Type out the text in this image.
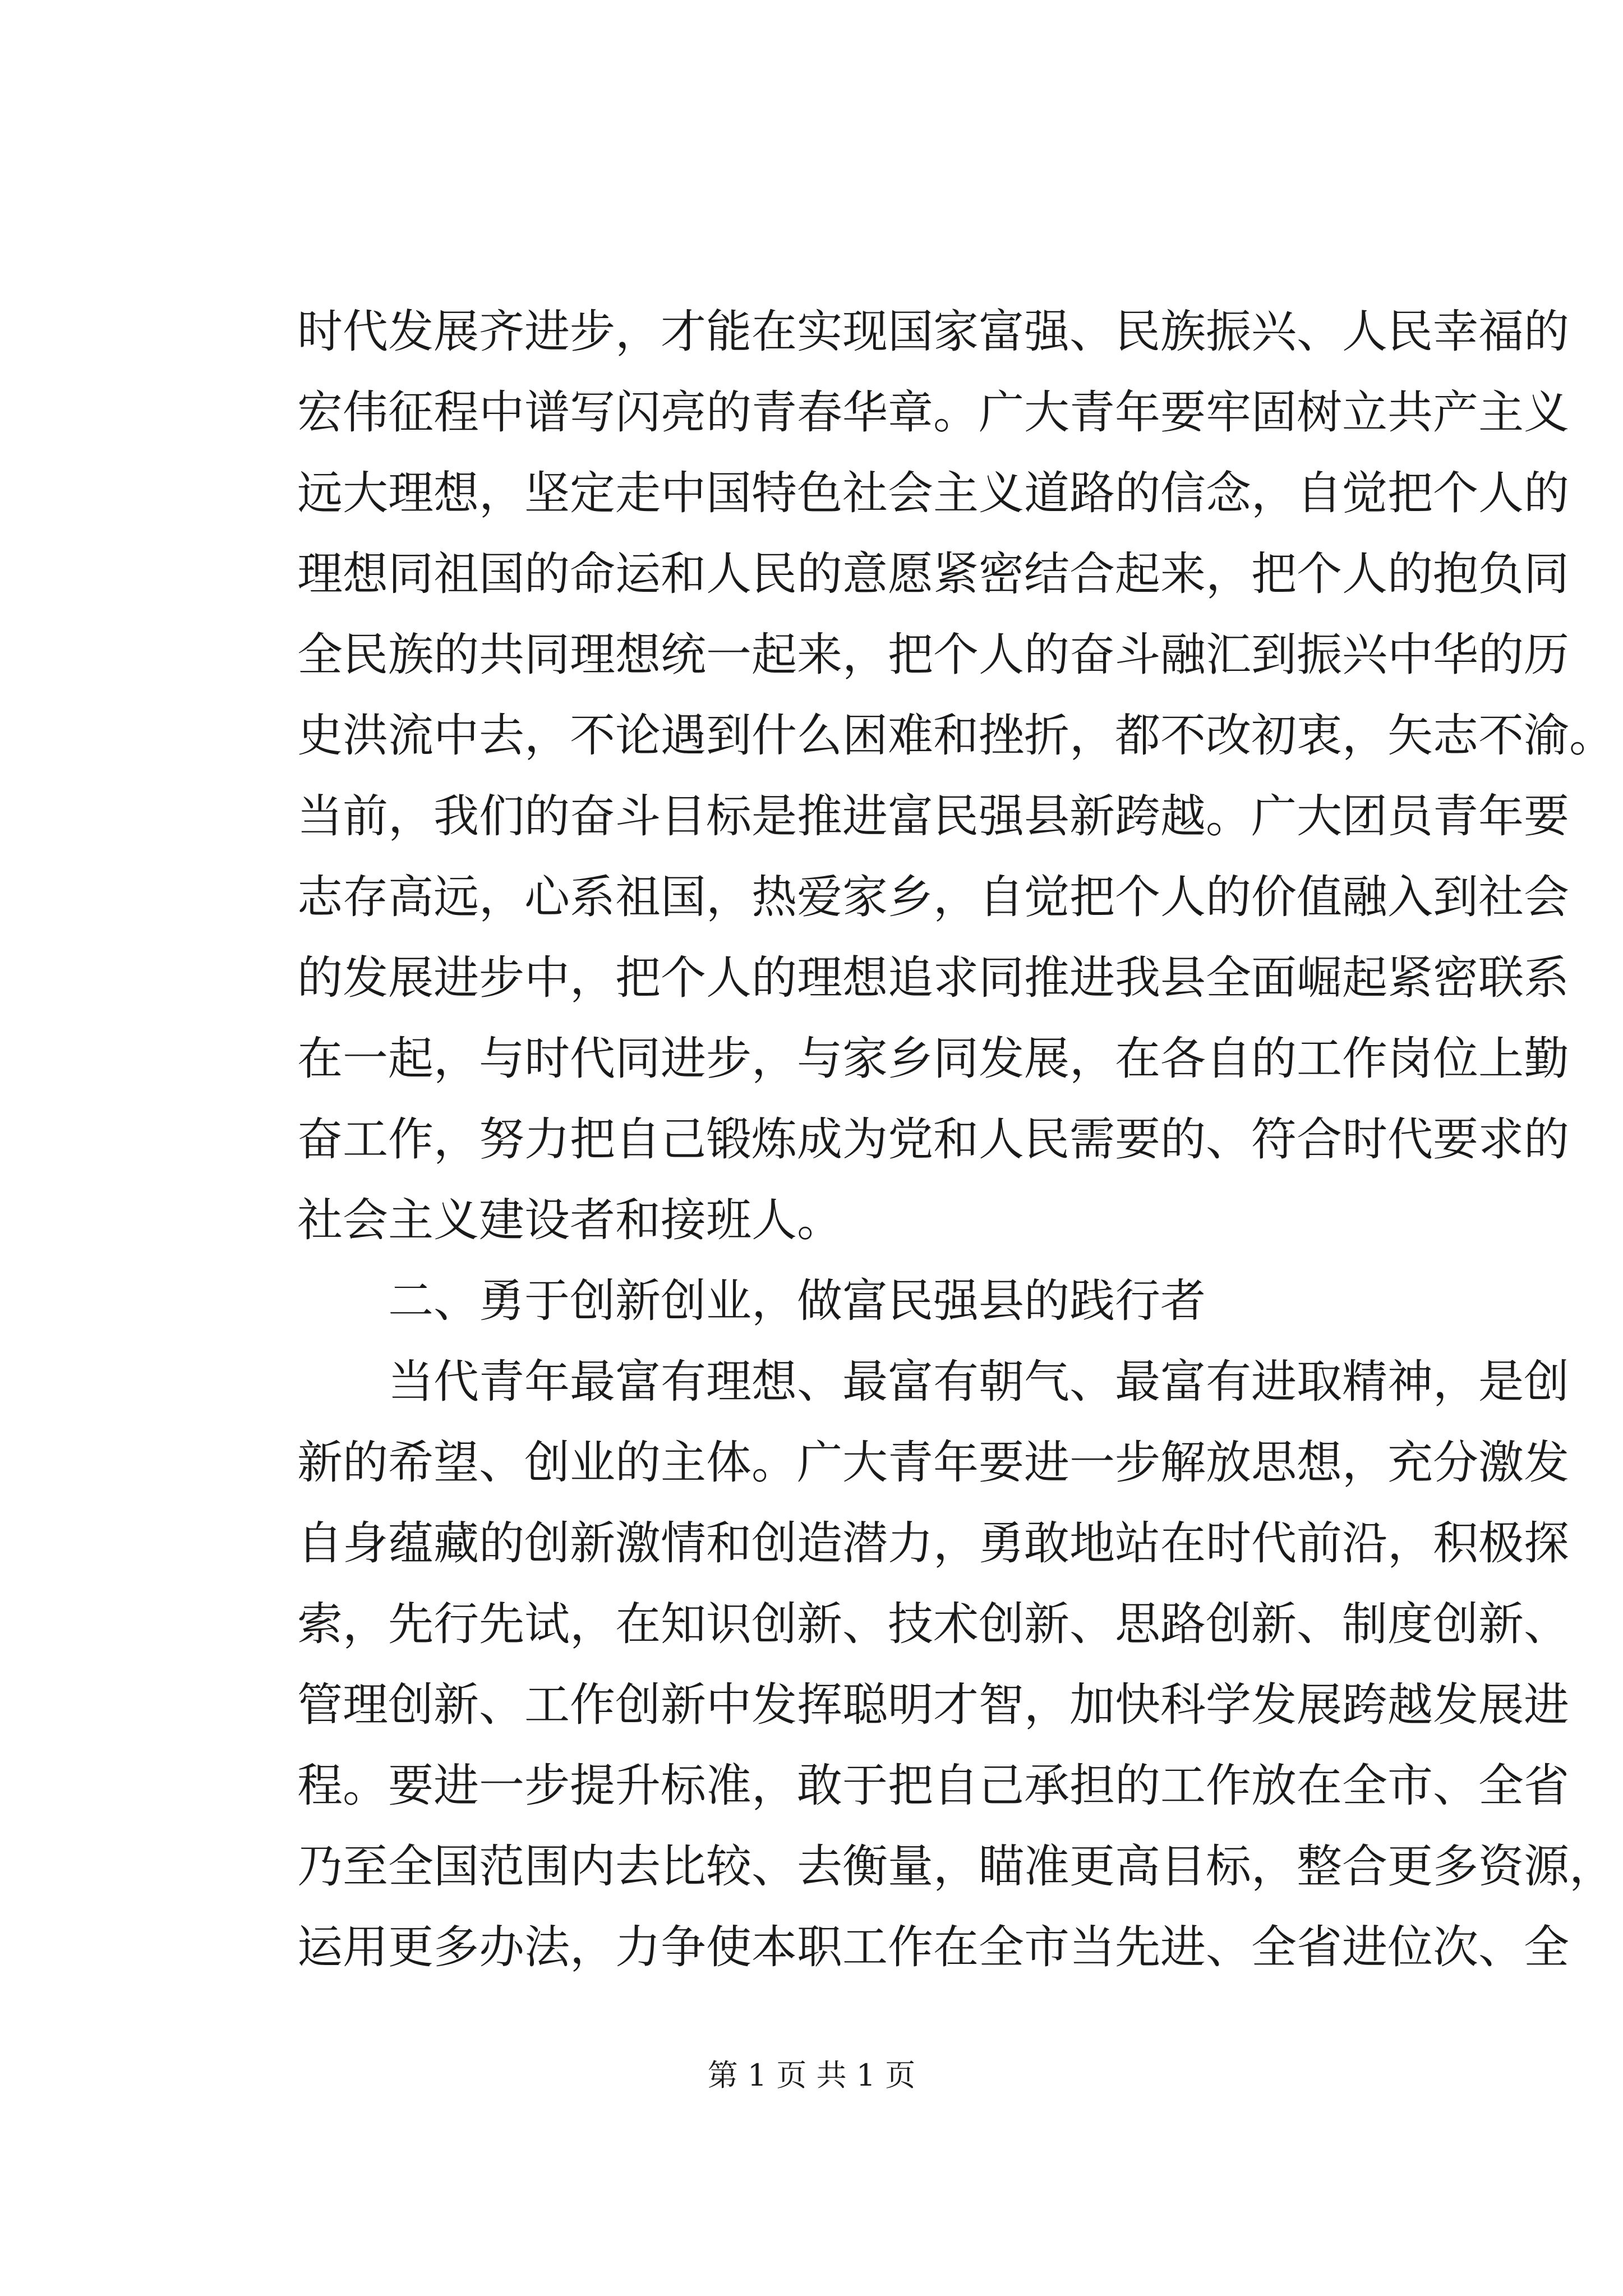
时代发展齐进步，才能在实现国家富强、民族振兴、人民幸福的
宏伟征程中谱写闪亮的青春华章。广大青年要牢固树立共产主义
远大理想，坚定走中国特色社会主义道路的信念，自觉把个人的
理想同祖国的命运和人民的意愿紧密结合起来，把个人的抱负同
全民族的共同理想统一起来，把个人的奋斗融汇到振兴中华的历
史洪流中去，不论遇到什么困难和挫折，都不改初衷，矢志不渝。
当前，我们的奋斗目标是推进富民强县新跨越。广大团员青年要
志存高远，心系祖国，热爱家乡，自觉把个人的价值融入到社会
的发展进步中，把个人的理想追求同推进我县全面崛起紧密联系
在一起，与时代同进步，与家乡同发展，在各自的工作岗位上勤
奋工作，努力把自己锻炼成为党和人民需要的、符合时代要求的
社会主义建设者和接班人。
二、勇于创新创业，做富民强县的践行者
当代青年最富有理想、最富有朝气、最富有进取精神，是创
新的希望、创业的主体。广大青年要进一步解放思想，充分激发
自身蕴藏的创新激情和创造潜力，勇敢地站在时代前沿，积极探
索，先行先试，在知识创新、技术创新、思路创新、制度创新、
管理创新、工作创新中发挥聪明才智，加快科学发展跨越发展进
程。要进一步提升标准，敢于把自己承担的工作放在全市、全省
乃至全国范围内去比较、去衡量，瞄准更高目标，整合更多资源，
运用更多办法，力争使本职工作在全市当先进、全省进位次、全
第 1 页 共 1 页
